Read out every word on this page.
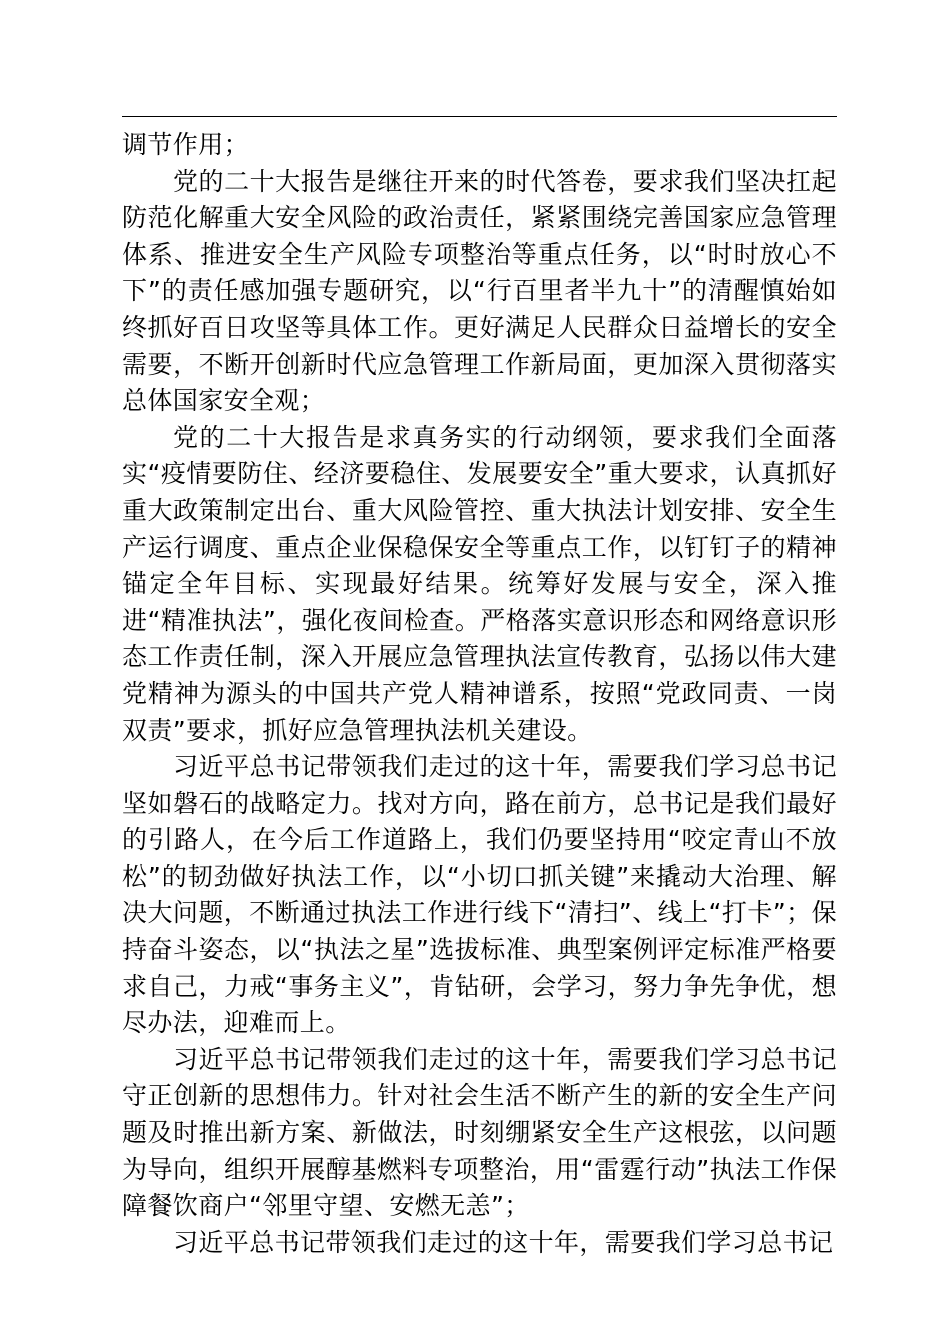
调节作用；

党的二十大报告是继往开来的时代答卷，要求我们坚决扛起防范化解重大安全风险的政治责任，紧紧围绕完善国家应急管理体系、推进安全生产风险专项整治等重点任务，以“时时放心不下”的责任感加强专题研究，以“行百里者半九十”的清醒慎始如终抓好百日攻坚等具体工作。更好满足人民群众日益增长的安全需要，不断开创新时代应急管理工作新局面，更加深入贯彻落实总体国家安全观；

党的二十大报告是求真务实的行动纲领，要求我们全面落实“疫情要防住、经济要稳住、发展要安全”重大要求，认真抓好重大政策制定出台、重大风险管控、重大执法计划安排、安全生产运行调度、重点企业保稳保安全等重点工作，以钉钉子的精神锚定全年目标、实现最好结果。统筹好发展与安全，深入推进“精准执法”，强化夜间检查。严格落实意识形态和网络意识形态工作责任制，深入开展应急管理执法宣传教育，弘扬以伟大建党精神为源头的中国共产党人精神谱系，按照“党政同责、一岗双责”要求，抓好应急管理执法机关建设。

习近平总书记带领我们走过的这十年，需要我们学习总书记坚如磐石的战略定力。找对方向，路在前方，总书记是我们最好的引路人，在今后工作道路上，我们仍要坚持用“咬定青山不放松”的韧劲做好执法工作，以“小切口抓关键”来撬动大治理、解决大问题，不断通过执法工作进行线下“清扫”、线上“打卡”；保持奋斗姿态，以“执法之星”选拔标准、典型案例评定标准严格要求自己，力戒“事务主义”，肯钻研，会学习，努力争先争优，想尽办法，迎难而上。

习近平总书记带领我们走过的这十年，需要我们学习总书记守正创新的思想伟力。针对社会生活不断产生的新的安全生产问题及时推出新方案、新做法，时刻绷紧安全生产这根弦，以问题为导向，组织开展醇基燃料专项整治，用“雷霆行动”执法工作保障餐饮商户“邻里守望、安燃无恙”；

习近平总书记带领我们走过的这十年，需要我们学习总书记
